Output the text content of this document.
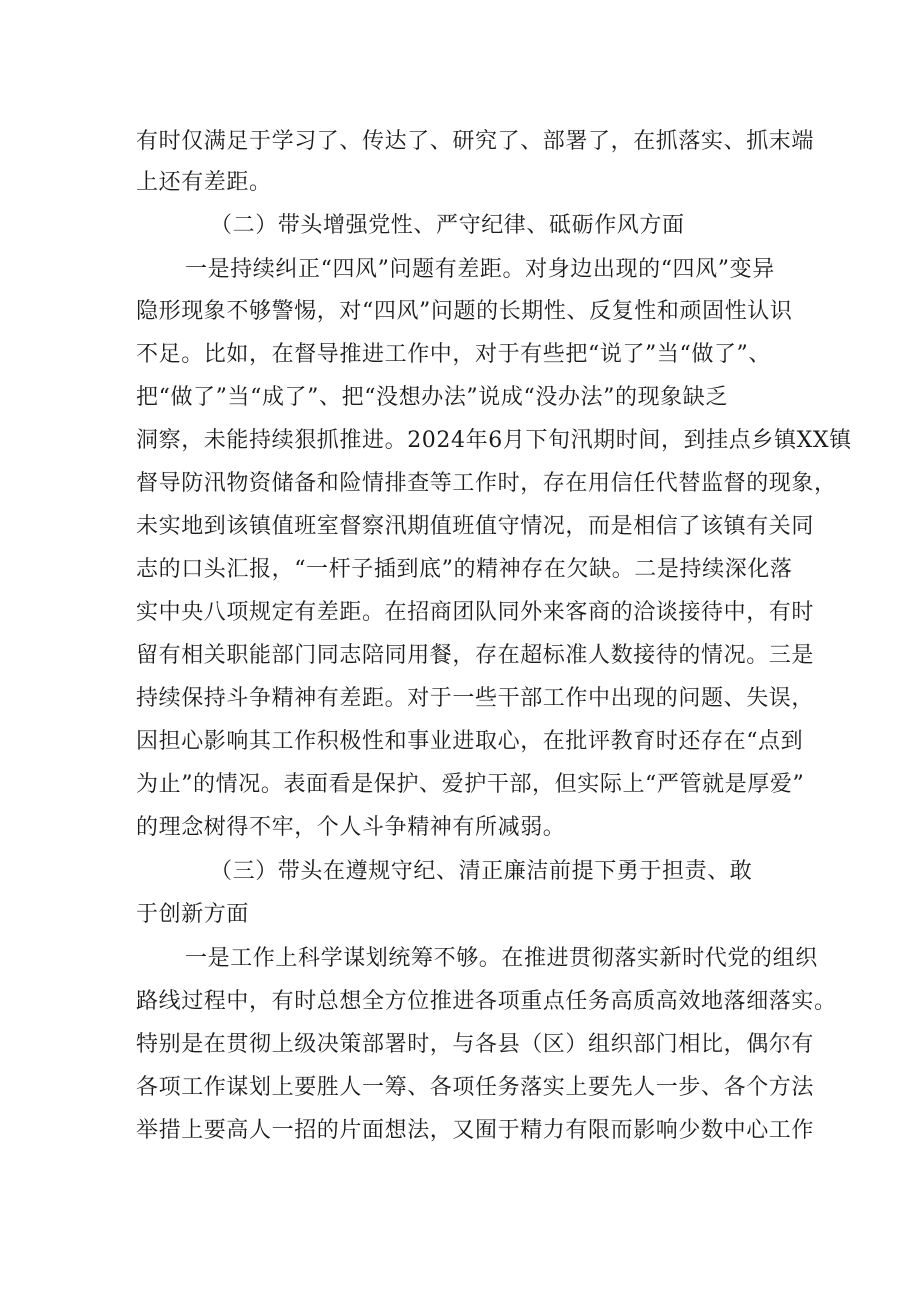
有时仅满足于学习了、传达了、研究了、部署了，在抓落实、抓末端
上还有差距。
（二）带头增强党性、严守纪律、砥砺作风方面
一是持续纠正“四风”问题有差距。对身边出现的“四风”变异
隐形现象不够警惕，对“四风”问题的长期性、反复性和顽固性认识
不足。比如，在督导推进工作中，对于有些把“说了”当“做了”、
把“做了”当“成了”、把“没想办法”说成“没办法”的现象缺乏
洞察，未能持续狠抓推进。2024年6月下旬汛期时间，到挂点乡镇XX镇
督导防汛物资储备和险情排查等工作时，存在用信任代替监督的现象，
未实地到该镇值班室督察汛期值班值守情况，而是相信了该镇有关同
志的口头汇报，“一杆子插到底”的精神存在欠缺。二是持续深化落
实中央八项规定有差距。在招商团队同外来客商的洽谈接待中，有时
留有相关职能部门同志陪同用餐，存在超标准人数接待的情况。三是
持续保持斗争精神有差距。对于一些干部工作中出现的问题、失误，
因担心影响其工作积极性和事业进取心，在批评教育时还存在“点到
为止”的情况。表面看是保护、爱护干部，但实际上“严管就是厚爱”
的理念树得不牢，个人斗争精神有所减弱。
（三）带头在遵规守纪、清正廉洁前提下勇于担责、敢
于创新方面
一是工作上科学谋划统筹不够。在推进贯彻落实新时代党的组织
路线过程中，有时总想全方位推进各项重点任务高质高效地落细落实。
特别是在贯彻上级决策部署时，与各县（区）组织部门相比，偶尔有
各项工作谋划上要胜人一筹、各项任务落实上要先人一步、各个方法
举措上要高人一招的片面想法，又囿于精力有限而影响少数中心工作
